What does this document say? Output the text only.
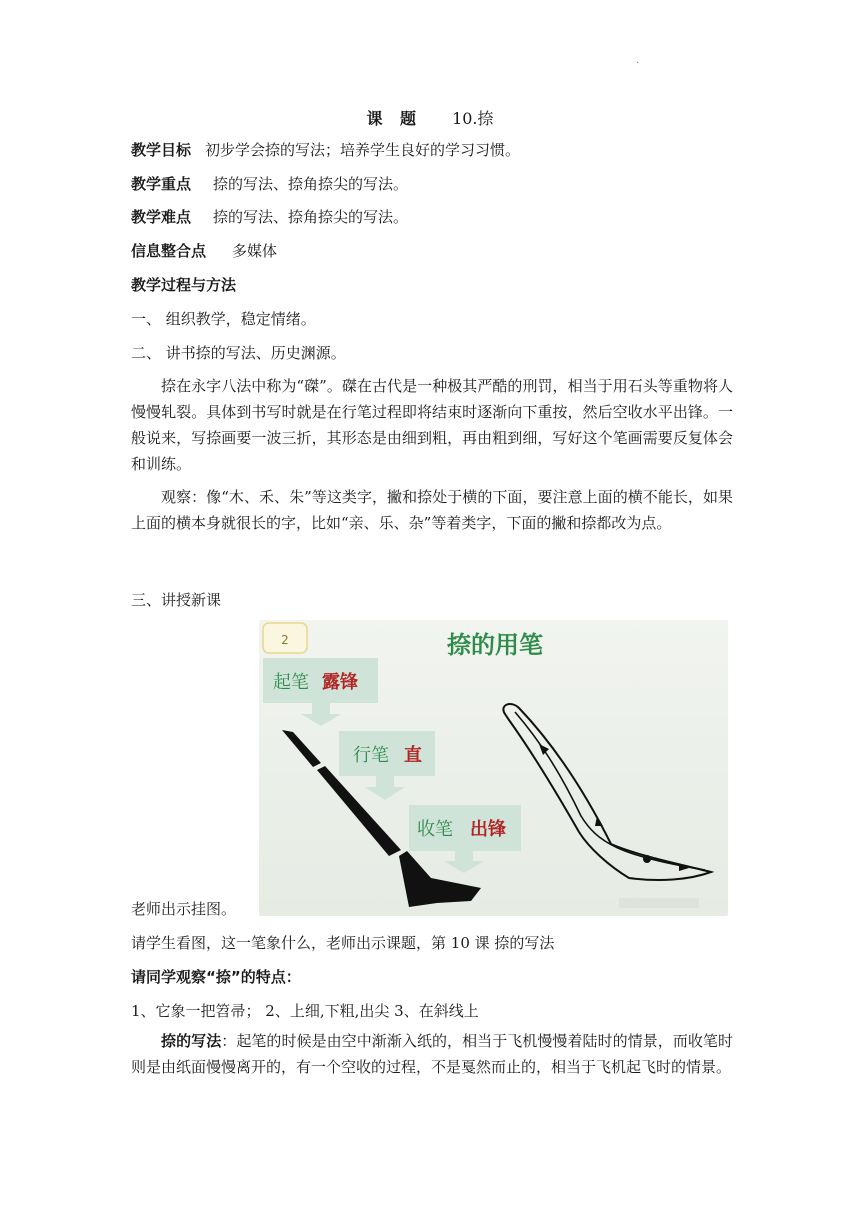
·
课 题 10.捺
教学目标 初步学会捺的写法；培养学生良好的学习习惯。
教学重点 捺的写法、捺角捺尖的写法。
教学难点 捺的写法、捺角捺尖的写法。
信息整合点 多媒体
教学过程与方法
一、 组织教学，稳定情绪。
二、 讲书捺的写法、历史渊源。
捺在永字八法中称为“磔”。磔在古代是一种极其严酷的刑罚，相当于用石头等重物将人慢慢轧裂。具体到书写时就是在行笔过程即将结束时逐渐向下重按，然后空收水平出锋。一般说来，写捺画要一波三折，其形态是由细到粗，再由粗到细，写好这个笔画需要反复体会和训练。
观察：像“木、禾、朱”等这类字，撇和捺处于横的下面，要注意上面的横不能长，如果上面的横本身就很长的字，比如“亲、乐、杂”等着类字，下面的撇和捺都改为点。
三、讲授新课
2	捺的用笔
起笔 露锋
行笔 直
收笔 出锋
老师出示挂图。
请学生看图，这一笔象什么，老师出示课题，第 10 课 捺的写法
请同学观察“捺”的特点：
1、它象一把笤帚； 2、上细,下粗,出尖 3、在斜线上
捺的写法：起笔的时候是由空中渐渐入纸的，相当于飞机慢慢着陆时的情景，而收笔时则是由纸面慢慢离开的，有一个空收的过程，不是戛然而止的，相当于飞机起飞时的情景。
